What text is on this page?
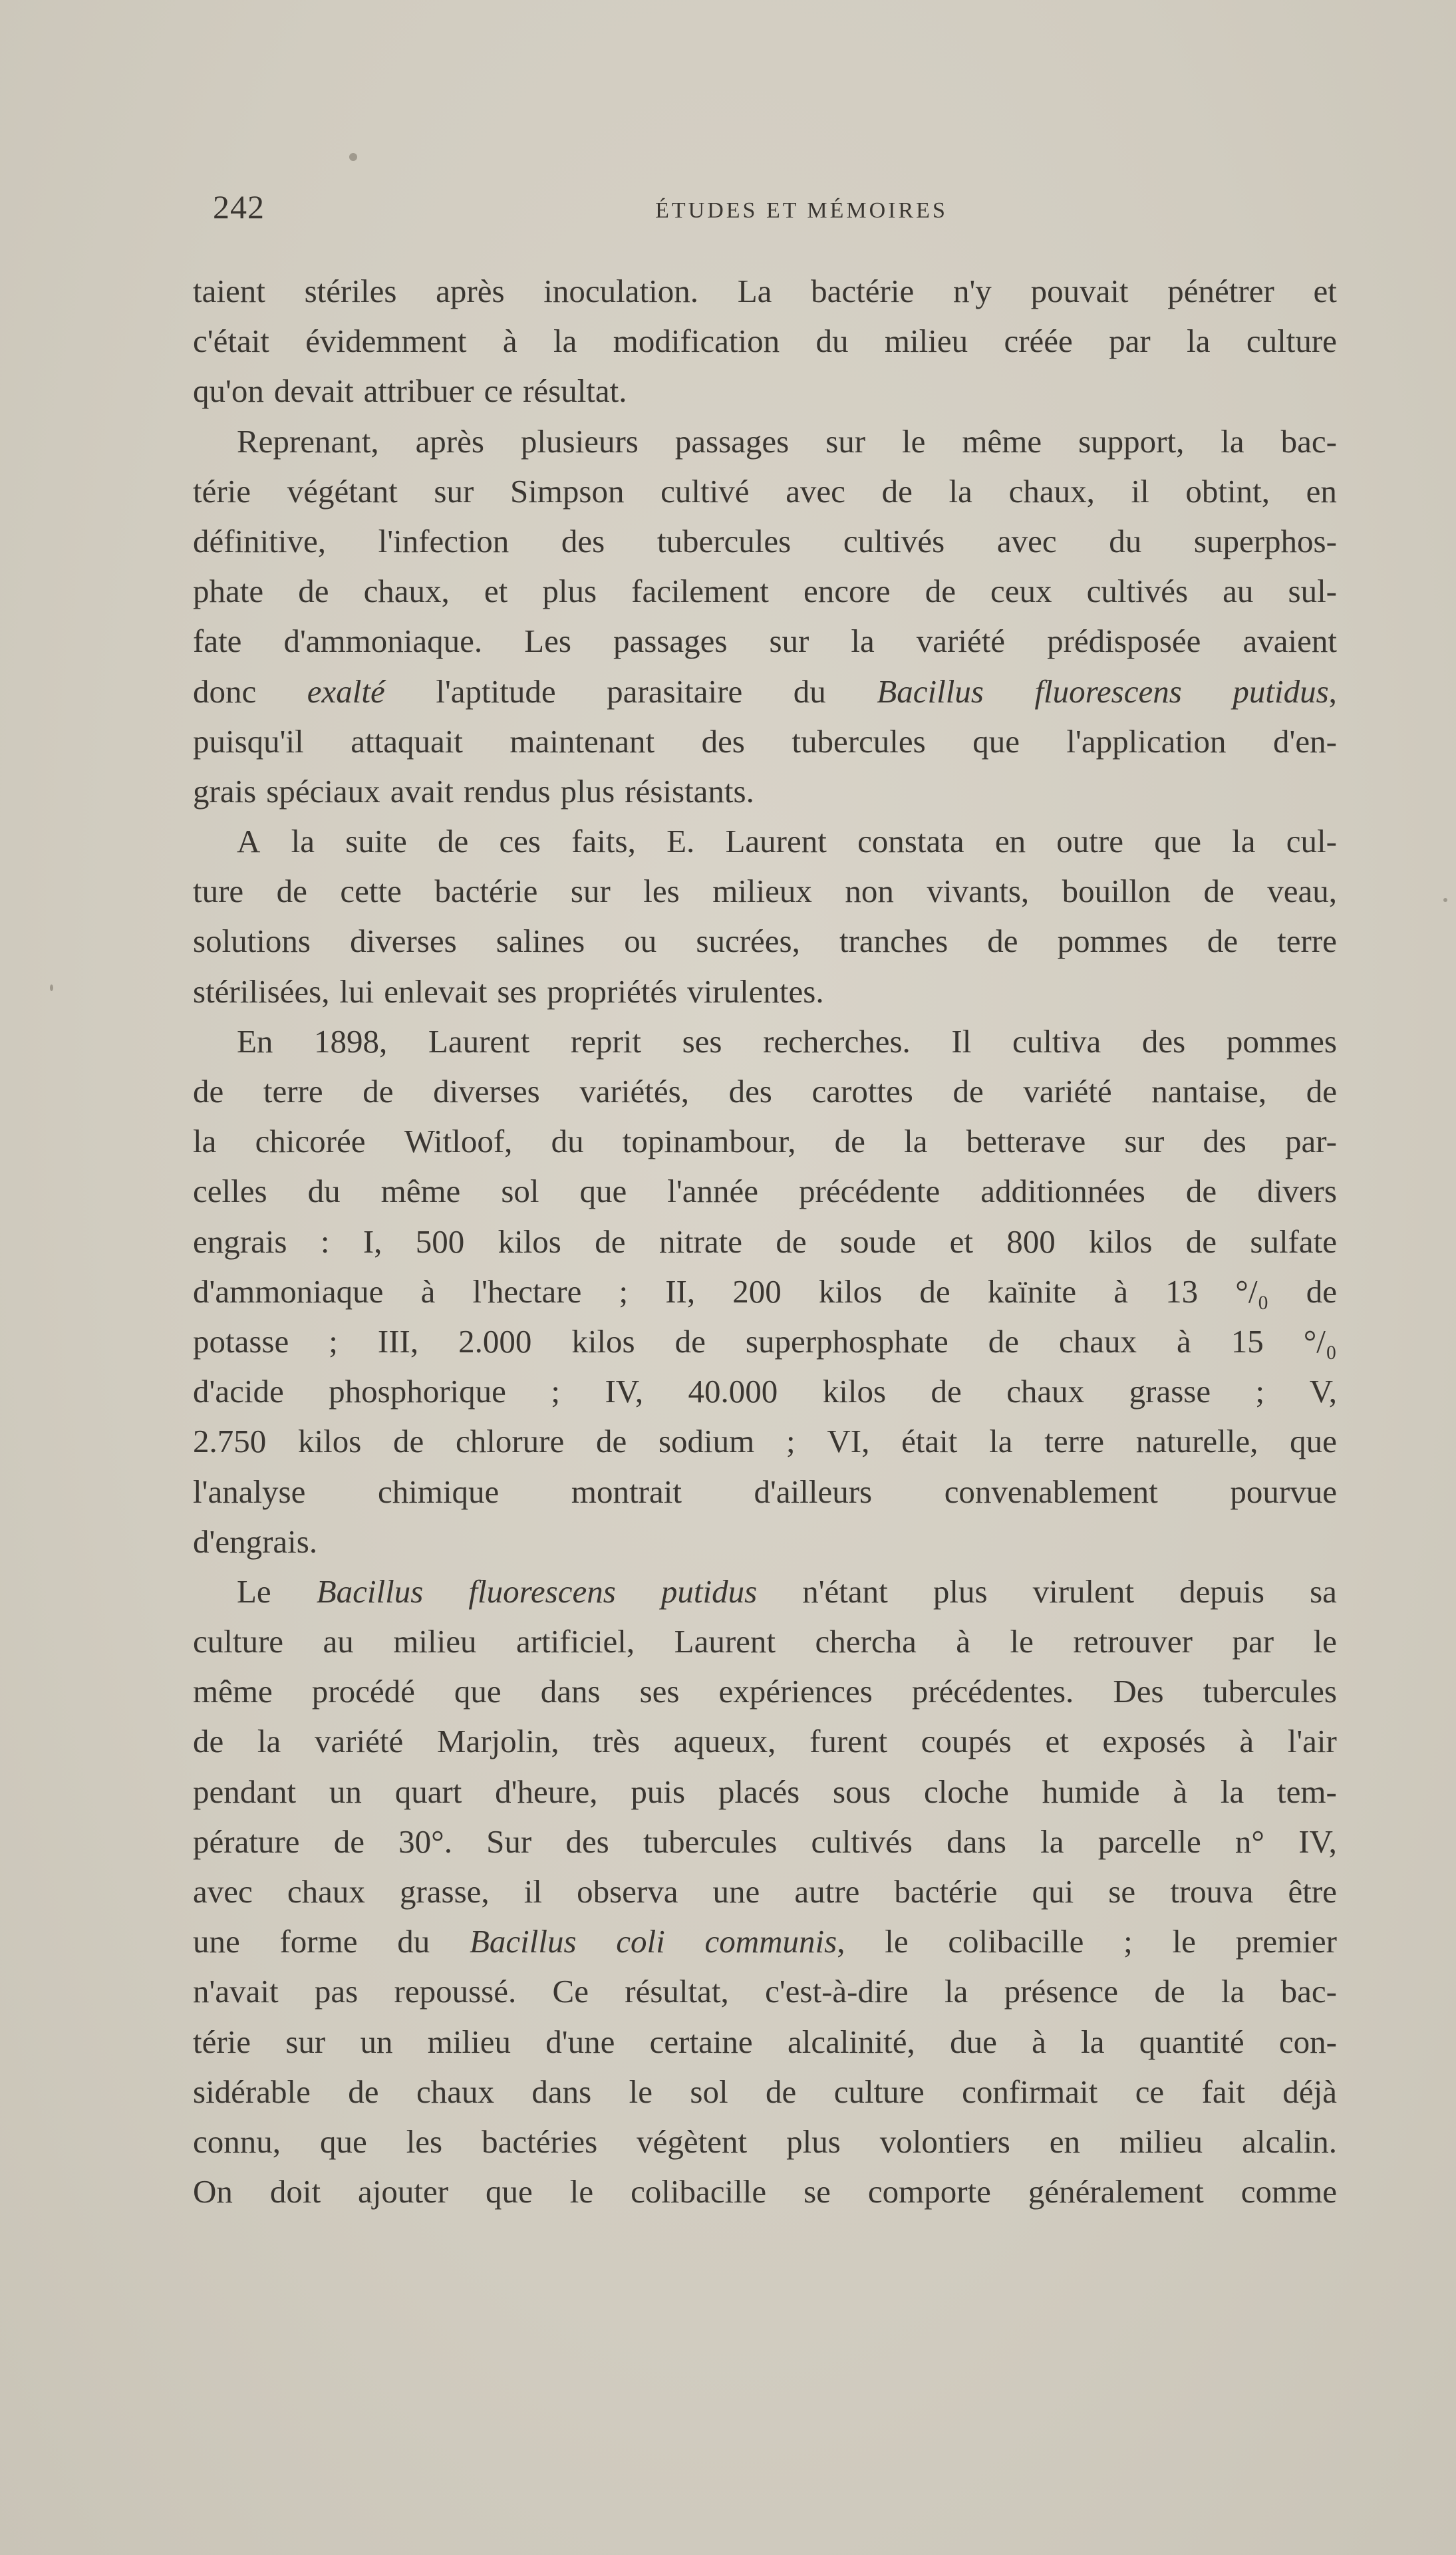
242	ÉTUDES ET MÉMOIRES
taient stériles après inoculation. La bactérie n'y pouvait pénétrer et
c'était évidemment à la modification du milieu créée par la culture
qu'on devait attribuer ce résultat.
Reprenant, après plusieurs passages sur le même support, la bac-
térie végétant sur Simpson cultivé avec de la chaux, il obtint, en
définitive, l'infection des tubercules cultivés avec du superphos-
phate de chaux, et plus facilement encore de ceux cultivés au sul-
fate d'ammoniaque. Les passages sur la variété prédisposée avaient
donc exalté l'aptitude parasitaire du Bacillus fluorescens putidus,
puisqu'il attaquait maintenant des tubercules que l'application d'en-
grais spéciaux avait rendus plus résistants.
A la suite de ces faits, E. Laurent constata en outre que la cul-
ture de cette bactérie sur les milieux non vivants, bouillon de veau,
solutions diverses salines ou sucrées, tranches de pommes de terre
stérilisées, lui enlevait ses propriétés virulentes.
En 1898, Laurent reprit ses recherches. Il cultiva des pommes
de terre de diverses variétés, des carottes de variété nantaise, de
la chicorée Witloof, du topinambour, de la betterave sur des par-
celles du même sol que l'année précédente additionnées de divers
engrais : I, 500 kilos de nitrate de soude et 800 kilos de sulfate
d'ammoniaque à l'hectare ; II, 200 kilos de kaïnite à 13 °/₀ de
potasse ; III, 2.000 kilos de superphosphate de chaux à 15 °/₀
d'acide phosphorique ; IV, 40.000 kilos de chaux grasse ; V,
2.750 kilos de chlorure de sodium ; VI, était la terre naturelle, que
l'analyse chimique montrait d'ailleurs convenablement pourvue
d'engrais.
Le Bacillus fluorescens putidus n'étant plus virulent depuis sa
culture au milieu artificiel, Laurent chercha à le retrouver par le
même procédé que dans ses expériences précédentes. Des tubercules
de la variété Marjolin, très aqueux, furent coupés et exposés à l'air
pendant un quart d'heure, puis placés sous cloche humide à la tem-
pérature de 30°. Sur des tubercules cultivés dans la parcelle n° IV,
avec chaux grasse, il observa une autre bactérie qui se trouva être
une forme du Bacillus coli communis, le colibacille ; le premier
n'avait pas repoussé. Ce résultat, c'est-à-dire la présence de la bac-
térie sur un milieu d'une certaine alcalinité, due à la quantité con-
sidérable de chaux dans le sol de culture confirmait ce fait déjà
connu, que les bactéries végètent plus volontiers en milieu alcalin.
On doit ajouter que le colibacille se comporte généralement comme
